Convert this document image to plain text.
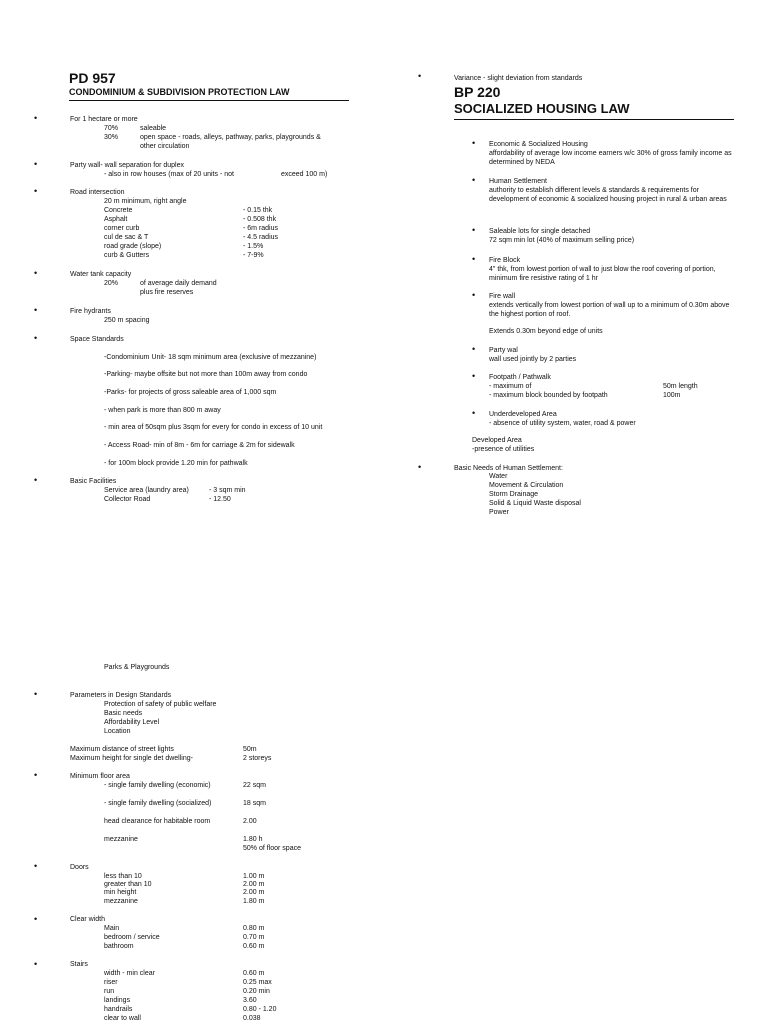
PD 957
CONDOMINIUM & SUBDIVISION PROTECTION LAW
•	For 1 hectare or more
70%	saleable
30%	open space - roads, alleys, pathway, parks, playgrounds &
other circulation
•	Party wall- wall separation for duplex
- also in row houses (max of 20 units - not	exceed 100 m)
•	Road intersection
20 m minimum, right angle
Concrete	- 0.15 thk
Asphalt	- 0.508 thk
corner curb	- 6m radius
cul de sac & T	- 4.5 radius
road grade (slope)	- 1.5%
curb & Gutters	- 7-9%
•	Water tank capacity
20%	of average daily demand
plus fire reserves
•	Fire hydrants
250 m spacing
•	Space Standards
-Condominium Unit- 18 sqm minimum area (exclusive of mezzanine)
-Parking- maybe offsite but not more than 100m away from condo
-Parks- for projects of gross saleable area of 1,000 sqm
- when park is more than 800 m away
- min area of 50sqm plus 3sqm for every for condo in excess of 10 unit
- Access Road- min of 8m - 6m for carriage & 2m for sidewalk
- for 100m block provide 1.20 min for pathwalk
•	Basic Facilities
Service area (laundry area)	- 3 sqm min
Collector Road	- 12.50
Parks & Playgrounds
•	Parameters in Design Standards
Protection of safety of public welfare
Basic needs
Affordability Level
Location
Maximum distance of street lights	50m
Maximum height for single det dwelling-	2 storeys
•	Minimum floor area
- single family dwelling (economic)	22 sqm
- single family dwelling (socialized)	18 sqm
head clearance for habitable room	2.00
mezzanine	1.80 h
50% of floor space
•	Doors
less than 10	1.00 m
greater than 10	2.00 m
min height	2.00 m
mezzanine	1.80 m
•	Clear width
Main	0.80 m
bedroom / service	0.70 m
bathroom	0.60 m
•	Stairs
width - min clear	0.60 m
riser	0.25 max
run	0.20 min
landings	3.60
handrails	0.80 - 1.20
clear to wall	0.038
•	Variance - slight deviation from standards
BP 220
SOCIALIZED HOUSING LAW
• Economic & Socialized Housing
affordability of average low income earners w/c 30% of gross family income as determined by NEDA
• Human Settlement
authority to establish different levels & standards & requirements for development of economic & socialized housing project in rural & urban areas
• Saleable lots for single detached
72 sqm min lot (40% of maximum selling price)
• Fire Block
4" thk, from lowest portion of wall to just blow the roof covering of portion, minimum fire resistive rating of 1 hr
• Fire wall
extends vertically from lowest portion of wall up to a minimum of 0.30m above the highest portion of roof.
Extends 0.30m beyond edge of units
• Party wal
wall used jointly by 2 parties
• Footpath / Pathwalk
- maximum of	50m length
- maximum block bounded by footpath	100m
• Underdeveloped Area
- absence of utility system, water, road & power
Developed Area
-presence of utilities
•	Basic Needs of Human Settlement:
Water
Movement & Circulation
Storm Drainage
Solid & Liquid Waste disposal
Power
